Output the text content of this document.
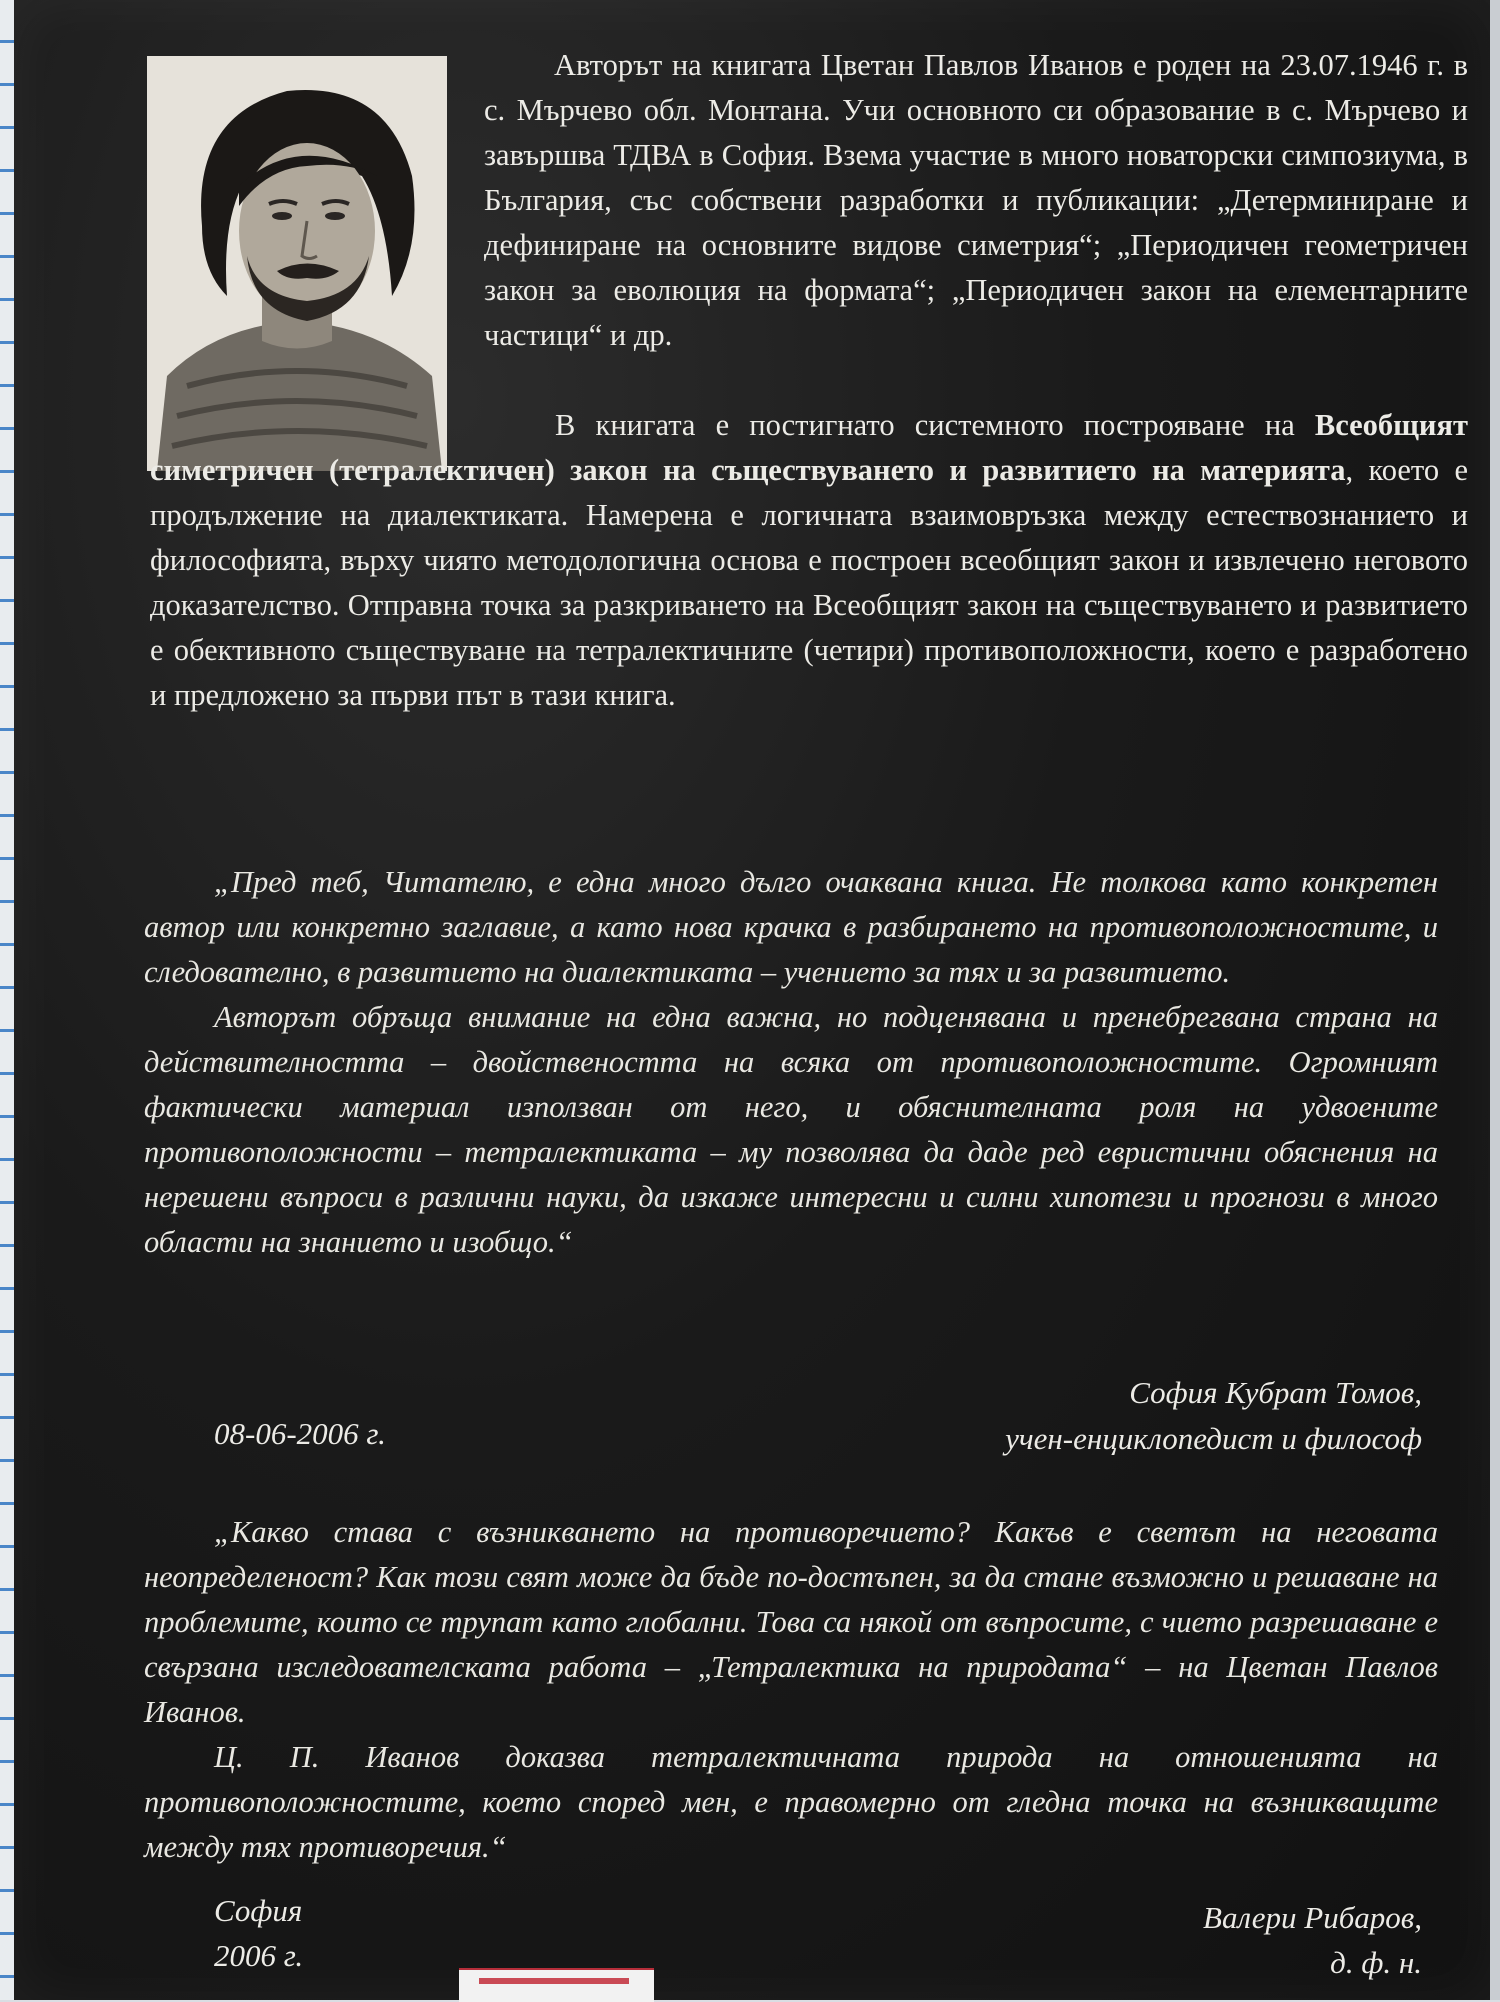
Авторът на книгата Цветан Павлов Иванов е роден на 23.07.1946 г. в с. Мърчево обл. Монтана. Учи основното си образование в с. Мърчево и завършва ТДВА в София. Взема участие в много новаторски симпозиума, в България, със собствени разработки и публикации: „Детерминиране и дефиниране на основните видове симетрия“; „Периодичен геометричен закон за еволюция на формата“; „Периодичен закон на елементарните частици“ и др.

В книгата е постигнато системното построяване на Всеобщият симетричен (тетралектичен) закон на съществуването и развитието на материята, което е продължение на диалектиката. Намерена е логичната взаимовръзка между естествознанието и философията, върху чиято методологична основа е построен всеобщият закон и извлечено неговото доказателство. Отправна точка за разкриването на Всеобщият закон на съществуването и развитието е обективното съществуване на тетралектичните (четири) противоположности, което е разработено и предложено за първи път в тази книга.

„Пред теб, Читателю, е една много дълго очаквана книга. Не толкова като конкретен автор или конкретно заглавие, а като нова крачка в разбирането на противоположностите, и следователно, в развитието на диалектиката – учението за тях и за развитието.

Авторът обръща внимание на една важна, но подценявана и пренебрегвана страна на действителността – двойствеността на всяка от противоположностите. Огромният фактически материал използван от него, и обяснителната роля на удвоените противоположности – тетралектиката – му позволява да даде ред евристични обяснения на нерешени въпроси в различни науки, да изкаже интересни и силни хипотези и прогнози в много области на знанието и изобщо.“

София Кубрат Томов,
08-06-2006 г.	учен-енциклопедист и философ

„Какво става с възникването на противоречието? Какъв е светът на неговата неопределеност? Как този свят може да бъде по-достъпен, за да стане възможно и решаване на проблемите, които се трупат като глобални. Това са някой от въпросите, с чието разрешаване е свързана изследователската работа – „Тетралектика на природата“ – на Цветан Павлов Иванов.

Ц. П. Иванов доказва тетралектичната природа на отношенията на противоположностите, което според мен, е правомерно от гледна точка на възникващите между тях противоречия.“

София
2006 г.
Валери Рибаров,
д. ф. н.
